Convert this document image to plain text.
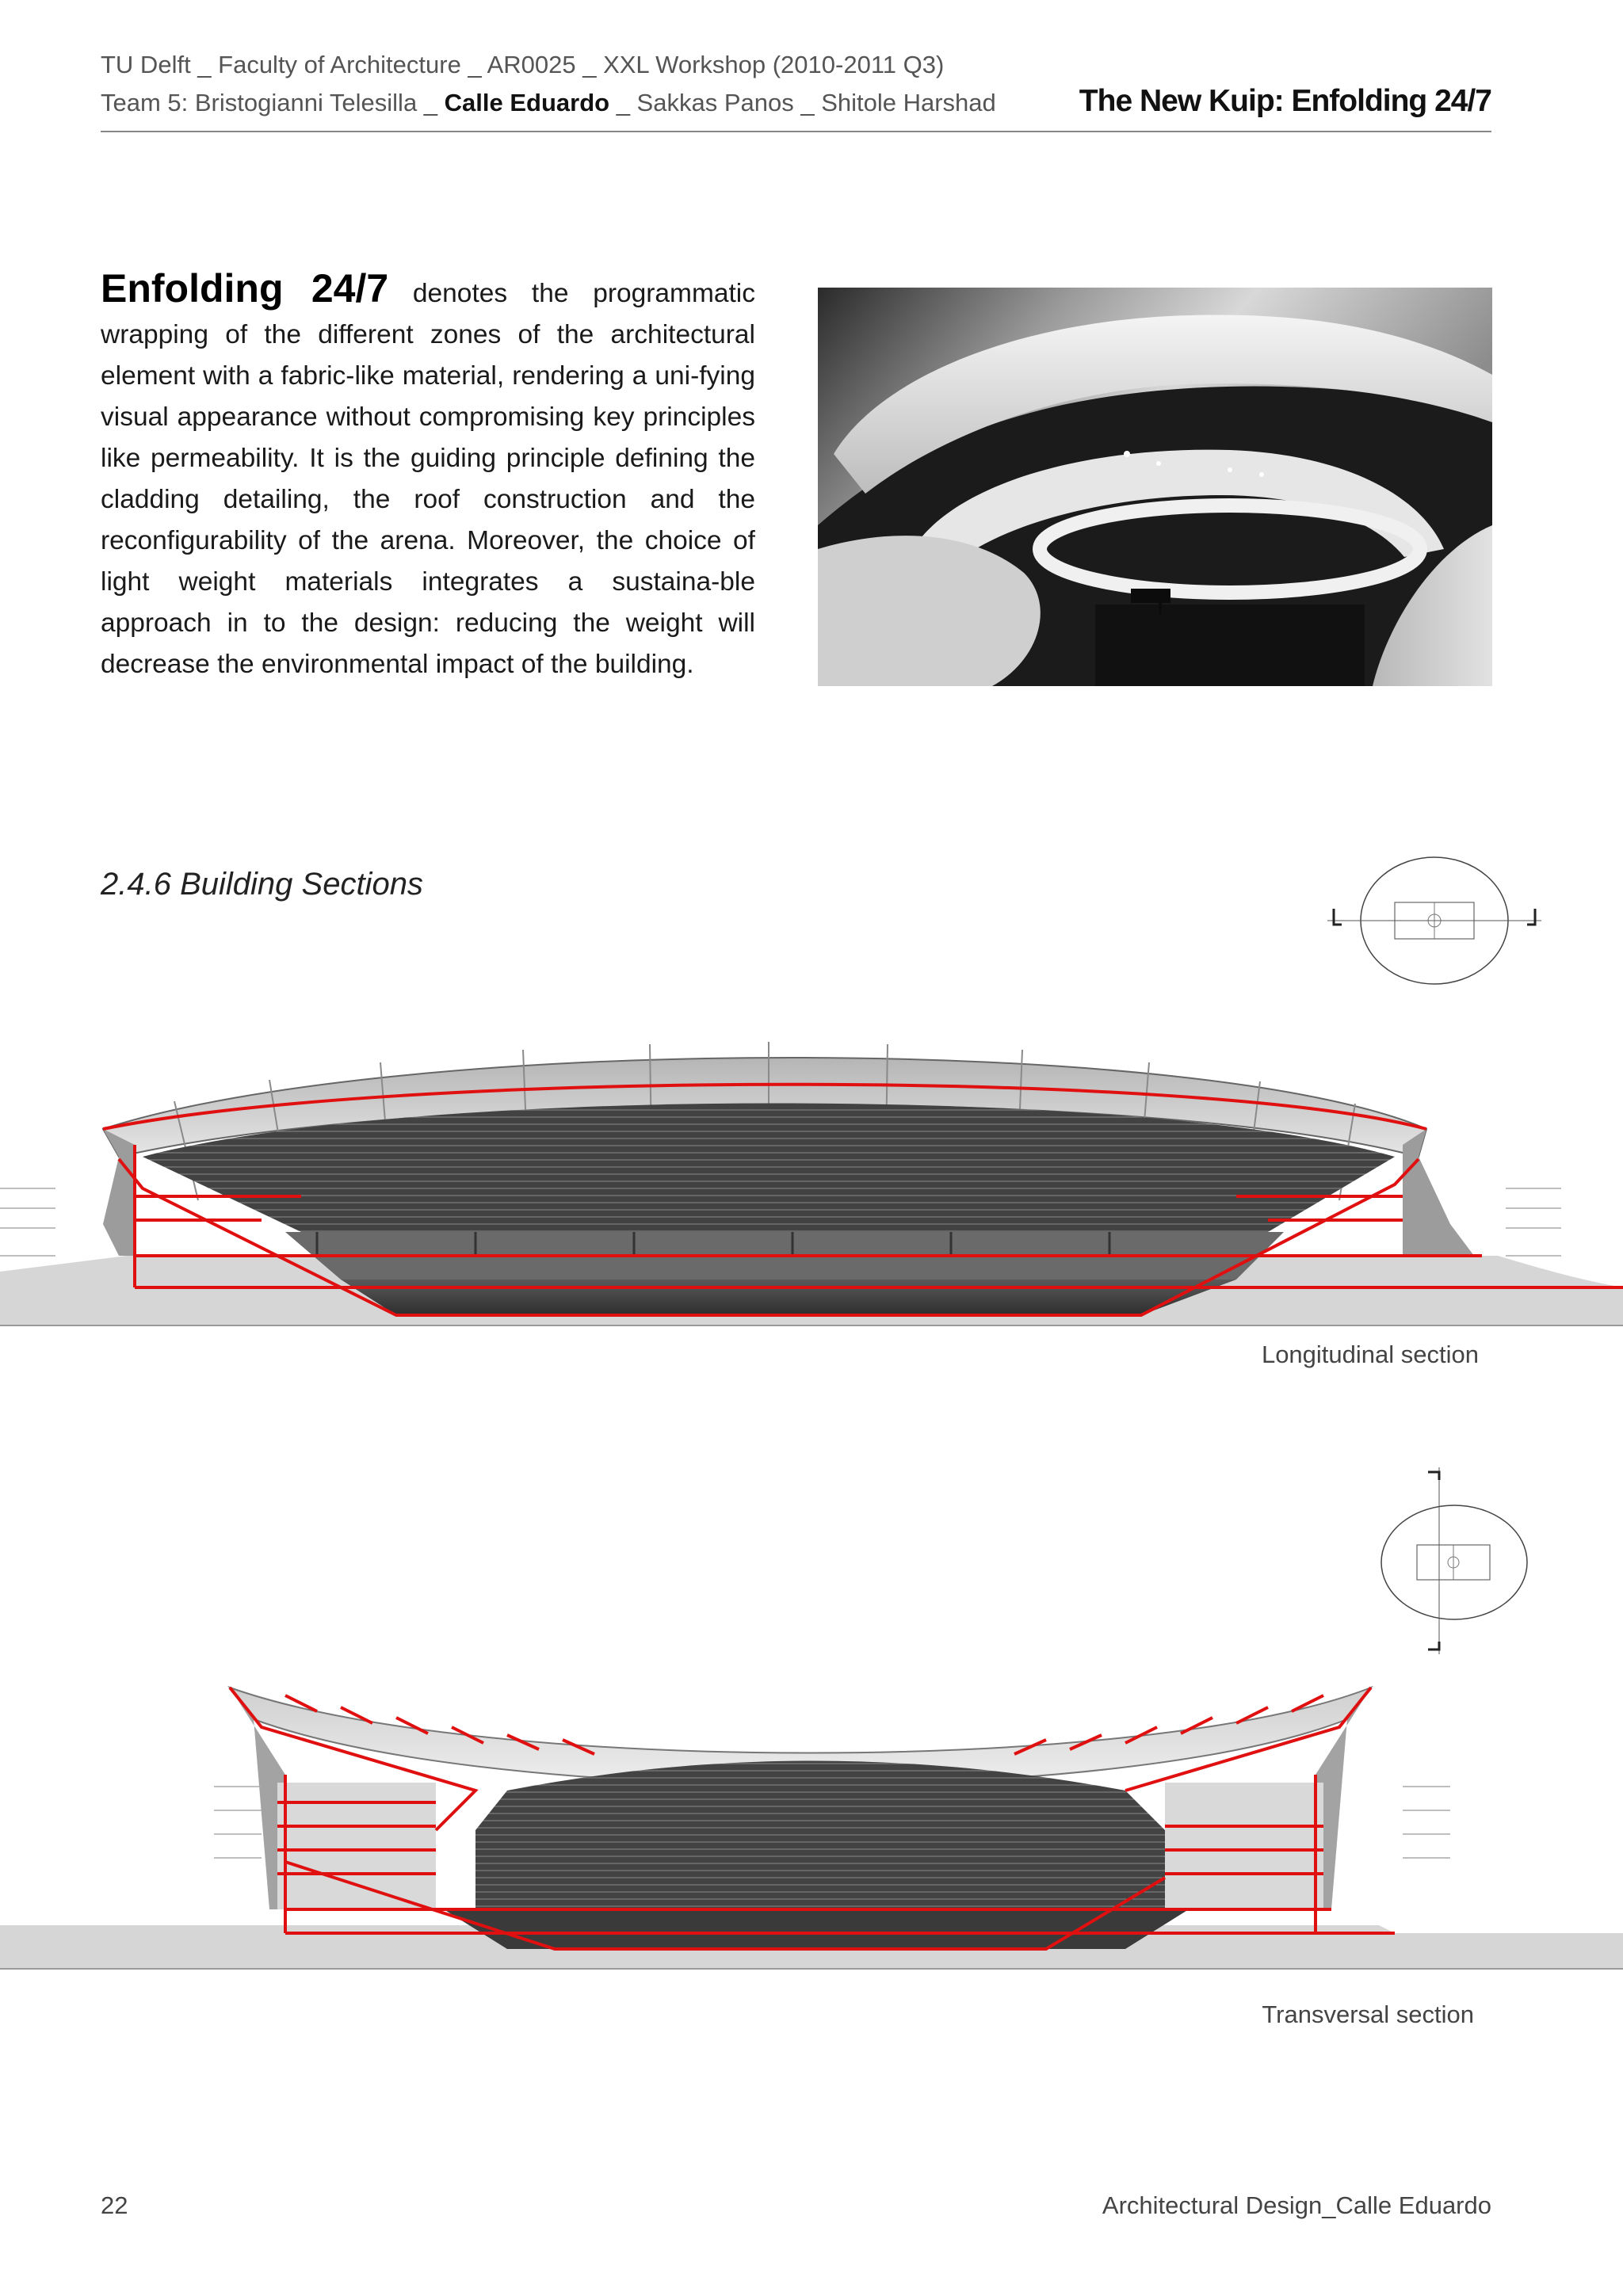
TU Delft _ Faculty of Architecture _ AR0025 _ XXL Workshop (2010-2011 Q3)
Team 5: Bristogianni Telesilla _ Calle Eduardo _ Sakkas Panos _ Shitole Harshad	The New Kuip: Enfolding 24/7
Enfolding 24/7 denotes the programmatic wrapping of the different zones of the architectural element with a fabric-like material, rendering a uni-fying visual appearance without compromising key principles like permeability. It is the guiding principle defining the cladding detailing, the roof construction and the reconfigurability of the arena. Moreover, the choice of light weight materials integrates a sustaina-ble approach in to the design: reducing the weight will decrease the environmental impact of the building.
2.4.6 Building Sections
Longitudinal section
Transversal section
22	Architectural Design_Calle Eduardo
